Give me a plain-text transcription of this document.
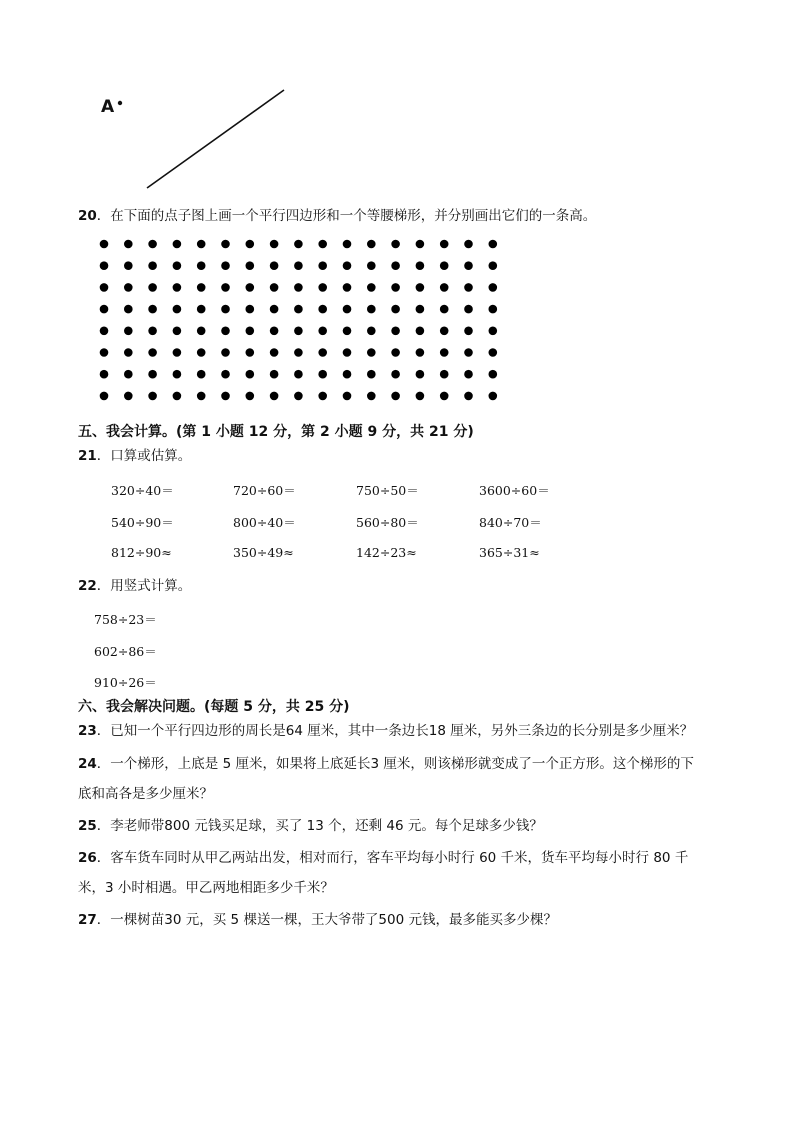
A
20．在下面的点子图上画一个平行四边形和一个等腰梯形，并分别画出它们的一条高。
五、我会计算。(第 1 小题 12 分，第 2 小题 9 分，共 21 分)
21．口算或估算。
320÷40＝	720÷60＝	750÷50＝	3600÷60＝
540÷90＝	800÷40＝	560÷80＝	840÷70＝
812÷90≈	350÷49≈	142÷23≈	365÷31≈
22．用竖式计算。
758÷23＝
602÷86＝
910÷26＝
六、我会解决问题。(每题 5 分，共 25 分)
23．已知一个平行四边形的周长是64 厘米，其中一条边长18 厘米，另外三条边的长分别是多少厘米？
24．一个梯形，上底是 5 厘米，如果将上底延长3 厘米，则该梯形就变成了一个正方形。这个梯形的下
底和高各是多少厘米？
25．李老师带800 元钱买足球，买了 13 个，还剩 46 元。每个足球多少钱？
26．客车货车同时从甲乙两站出发，相对而行，客车平均每小时行 60 千米，货车平均每小时行 80 千
米，3 小时相遇。甲乙两地相距多少千米？
27．一棵树苗30 元，买 5 棵送一棵，王大爷带了500 元钱，最多能买多少棵？
